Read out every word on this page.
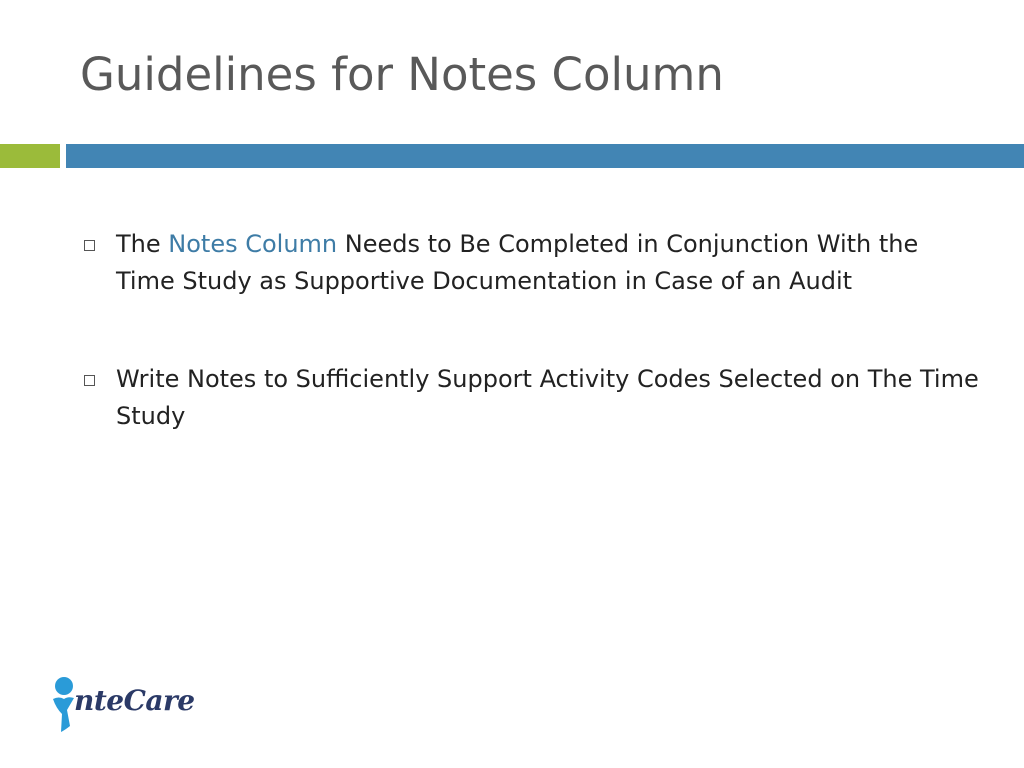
Guidelines for Notes Column
The Notes Column Needs to Be Completed in Conjunction With the Time Study as Supportive Documentation in Case of an Audit
Write Notes to Sufficiently Support Activity Codes Selected on The Time Study
nteCare
